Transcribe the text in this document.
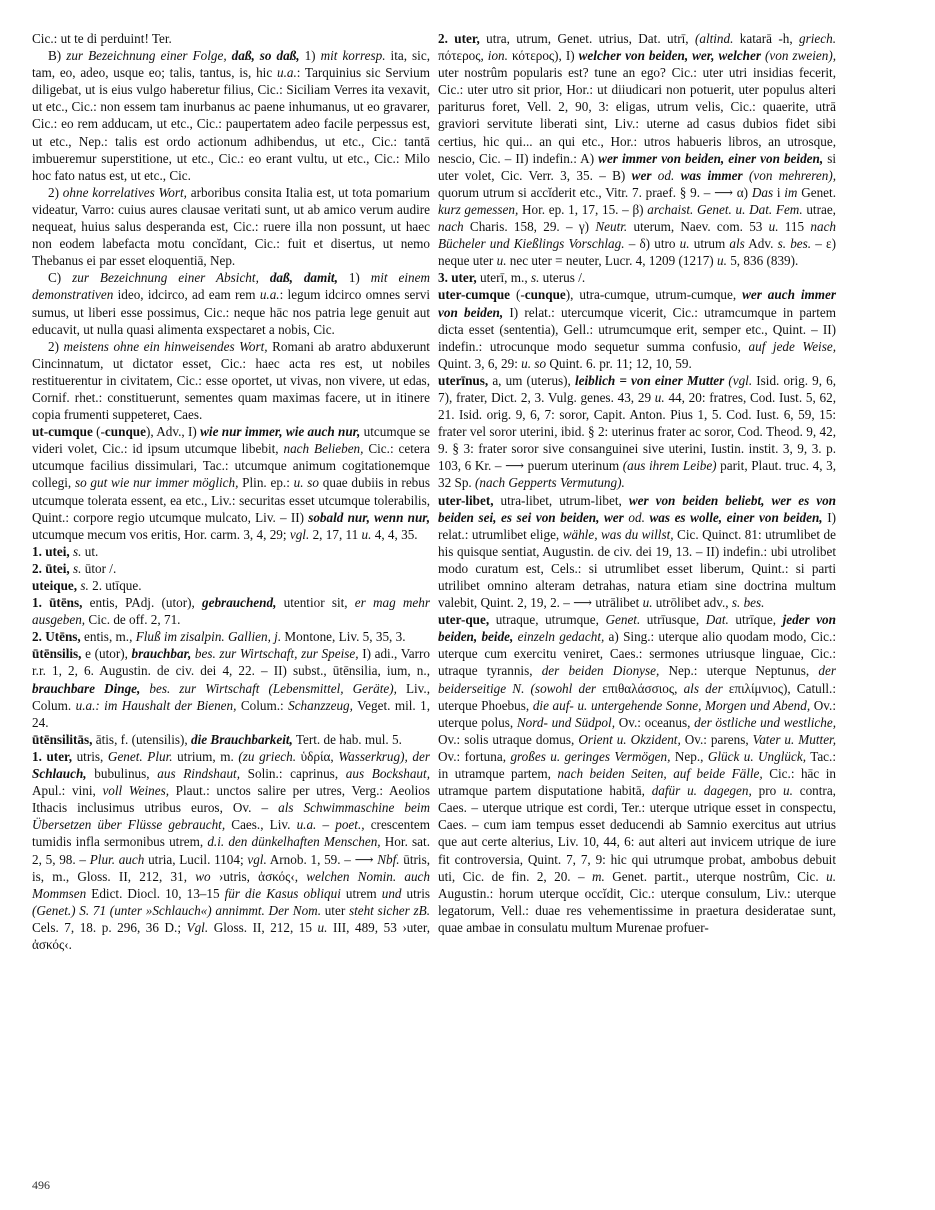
Cic.: ut te di perduint! Ter.

B) zur Bezeichnung einer Folge, daß, so daß, 1) mit korresp. ita, sic, tam, eo, adeo, usque eo; talis, tantus, is, hic u.a.: Tarquinius sic Servium diligebat, ut is eius vulgo haberetur filius, Cic.: Siciliam Verres ita vexavit, ut etc., Cic.: non essem tam inurbanus ac paene inhumanus, ut eo gravarer, Cic.: eo rem adducam, ut etc., Cic.: paupertatem adeo facile perpessus est, ut etc., Nep.: talis est ordo actionum adhibendus, ut etc., Cic.: tantā imbueremur superstitione, ut etc., Cic.: eo erant vultu, ut etc., Cic.: Milo hoc fato natus est, ut etc., Cic.

2) ohne korrelatives Wort, arboribus consita Italia est, ut tota pomarium videatur, Varro: cuius aures clausae veritati sunt, ut ab amico verum audire nequeat, huius salus desperanda est, Cic.: ruere illa non possunt, ut haec non eodem labefacta motu concĭdant, Cic.: fuit et disertus, ut nemo Thebanus ei par esset eloquentiā, Nep.

C) zur Bezeichnung einer Absicht, daß, damit, 1) mit einem demonstrativen ideo, idcirco, ad eam rem u.a.: legum idcirco omnes servi sumus, ut liberi esse possimus, Cic.: neque hāc nos patria lege genuit aut educavit, ut nulla quasi alimenta exspectaret a nobis, Cic.

2) meistens ohne ein hinweisendes Wort, Romani ab aratro abduxerunt Cincinnatum, ut dictator esset, Cic.: haec acta res est, ut nobiles restituerentur in civitatem, Cic.: esse oportet, ut vivas, non vivere, ut edas, Cornif. rhet.: constituerunt, sementes quam maximas facere, ut in itinere copia frumenti suppeteret, Caes.

ut-cumque (-cunque), Adv., I) wie nur immer, wie auch nur, utcumque se videri volet, Cic.: id ipsum utcumque libebit, nach Belieben, Cic.: cetera utcumque facilius dissimulari, Tac.: utcumque animum cogitationemque collegi, so gut wie nur immer möglich, Plin. ep.: u. so quae dubiis in rebus utcumque tolerata essent, ea etc., Liv.: securitas esset utcumque tolerabilis, Quint.: corpore regio utcumque mulcato, Liv. – II) sobald nur, wenn nur, utcumque mecum vos eritis, Hor. carm. 3, 4, 29; vgl. 2, 17, 11 u. 4, 4, 35.

1. utei, s. ut.

2. ūtei, s. ūtor /.

uteique, s. 2. utīque.

1. ūtēns, entis, PAdj. (utor), gebrauchend, utentior sit, er mag mehr ausgeben, Cic. de off. 2, 71.

2. Utēns, entis, m., Fluß im zisalpin. Gallien, j. Montone, Liv. 5, 35, 3.

ūtēnsilis, e (utor), brauchbar, bes. zur Wirtschaft, zur Speise, I) adi., Varro r.r. 1, 2, 6. Augustin. de civ. dei 4, 22. – II) subst., ūtēnsilia, ium, n., brauchbare Dinge, bes. zur Wirtschaft (Lebensmittel, Geräte), Liv., Colum. u.a.: im Haushalt der Bienen, Colum.: Schanzzeug, Veget. mil. 1, 24.

ūtēnsilitās, ātis, f. (utensilis), die Brauchbarkeit, Tert. de hab. mul. 5.

1. uter, utris, Genet. Plur. utrium, m. (zu griech. ὑδρία, Wasserkrug), der Schlauch, bubulinus, aus Rindshaut, Solin.: caprinus, aus Bockshaut, Apul.: vini, voll Weines, Plaut.: unctos salire per utres, Verg.: Aeolios Ithacis inclusimus utribus euros, Ov. – als Schwimmaschine beim Übersetzen über Flüsse gebraucht, Caes., Liv. u.a. – poet., crescentem tumidis infla sermonibus utrem, d.i. den dünkelhaften Menschen, Hor. sat. 2, 5, 98. – Plur. auch utria, Lucil. 1104; vgl. Arnob. 1, 59. – ⟶ Nbf. ūtris, is, m., Gloss. II, 212, 31, wo ›utris, ἀσκός‹, welchen Nomin. auch Mommsen Edict. Diocl. 10, 13–15 für die Kasus obliqui utrem und utris (Genet.) S. 71 (unter »Schlauch«) annimmt. Der Nom. uter steht sicher zB. Cels. 7, 18. p. 296, 36 D.; Vgl. Gloss. II, 212, 15 u. III, 489, 53 ›uter, ἀσκός‹.

2. uter, utra, utrum, Genet. utrius, Dat. utrī, (altind. katarā -h, griech. πότερος, ion. κότερος), I) welcher von beiden, wer, welcher (von zweien), uter nostrûm popularis est? tune an ego? Cic.: uter utri insidias fecerit, Cic.: uter utro sit prior, Hor.: ut diiudicari non potuerit, uter populus alteri pariturus foret, Vell. 2, 90, 3: eligas, utrum velis, Cic.: quaerite, utrā graviori servitute liberati sint, Liv.: uterne ad casus dubios fidet sibi certius, hic qui... an qui etc., Hor.: utros habueris libros, an utrosque, nescio, Cic. – II) indefin.: A) wer immer von beiden, einer von beiden, si uter volet, Cic. Verr. 3, 35. – B) wer od. was immer (von mehreren), quorum utrum si accĭderit etc., Vitr. 7. praef. § 9. – ⟶ α) Das i im Genet. kurz gemessen, Hor. ep. 1, 17, 15. – β) archaist. Genet. u. Dat. Fem. utrae, nach Charis. 158, 29. – γ) Neutr. uterum, Naev. com. 53 u. 115 nach Bücheler und Kießlings Vorschlag. – δ) utro u. utrum als Adv. s. bes. – ε) neque uter u. nec uter = neuter, Lucr. 4, 1209 (1217) u. 5, 836 (839).

3. uter, uterī, m., s. uterus /.

uter-cumque (-cunque), utra-cumque, utrum-cumque, wer auch immer von beiden, I) relat.: utercumque vicerit, Cic.: utramcumque in partem dicta esset (sententia), Gell.: utrumcumque erit, semper etc., Quint. – II) indefin.: utrocunque modo sequetur summa confusio, auf jede Weise, Quint. 3, 6, 29: u. so Quint. 6. pr. 11; 12, 10, 59.

uterīnus, a, um (uterus), leiblich = von einer Mutter (vgl. Isid. orig. 9, 6, 7), frater, Dict. 2, 3. Vulg. genes. 43, 29 u. 44, 20: fratres, Cod. Iust. 5, 62, 21. Isid. orig. 9, 6, 7: soror, Capit. Anton. Pius 1, 5. Cod. Iust. 6, 59, 15: frater vel soror uterini, ibid. § 2: uterinus frater ac soror, Cod. Theod. 9, 42, 9. § 3: frater soror sive consanguinei sive uterini, Iustin. instit. 3, 9, 3. p. 103, 6 Kr. – ⟶ puerum uterinum (aus ihrem Leibe) parit, Plaut. truc. 4, 3, 32 Sp. (nach Gepperts Vermutung).

uter-libet, utra-libet, utrum-libet, wer von beiden beliebt, wer es von beiden sei, es sei von beiden, wer od. was es wolle, einer von beiden, I) relat.: utrumlibet elige, wähle, was du willst, Cic. Quinct. 81: utrumlibet de his quisque sentiat, Augustin. de civ. dei 19, 13. – II) indefin.: ubi utrolibet modo curatum est, Cels.: si utrumlibet esset liberum, Quint.: si parti utrilibet omnino alteram detrahas, natura etiam sine doctrina multum valebit, Quint. 2, 19, 2. – ⟶ utrālibet u. utrōlibet adv., s. bes.

uter-que, utraque, utrumque, Genet. utrīusque, Dat. utrīque, jeder von beiden, beide, einzeln gedacht, a) Sing.: uterque alio quodam modo, Cic.: uterque cum exercitu veniret, Caes.: sermones utriusque linguae, Cic.: utraque tyrannis, der beiden Dionyse, Nep.: uterque Neptunus, der beiderseitige N. (sowohl der επιθαλάσσιος, als der επιλίμνιος), Catull.: uterque Phoebus, die auf- u. untergehende Sonne, Morgen und Abend, Ov.: uterque polus, Nord- und Südpol, Ov.: oceanus, der östliche und westliche, Ov.: solis utraque domus, Orient u. Okzident, Ov.: parens, Vater u. Mutter, Ov.: fortuna, großes u. geringes Vermögen, Nep., Glück u. Unglück, Tac.: in utramque partem, nach beiden Seiten, auf beide Fälle, Cic.: hāc in utramque partem disputatione habitā, dafür u. dagegen, pro u. contra, Caes. – uterque utrique est cordi, Ter.: uterque utrique esset in conspectu, Caes. – cum iam tempus esset deducendi ab Samnio exercitus aut utrius que aut certe alterius, Liv. 10, 44, 6: aut alteri aut invicem utrique de iure fit controversia, Quint. 7, 7, 9: hic qui utrumque probat, ambobus debuit uti, Cic. de fin. 2, 20. – m. Genet. partit., uterque nostrûm, Cic. u. Augustin.: horum uterque occĭdit, Cic.: uterque consulum, Liv.: uterque legatorum, Vell.: duae res vehementissime in praetura desideratae sunt, quae ambae in consulatu multum Murenae profuer-

496
